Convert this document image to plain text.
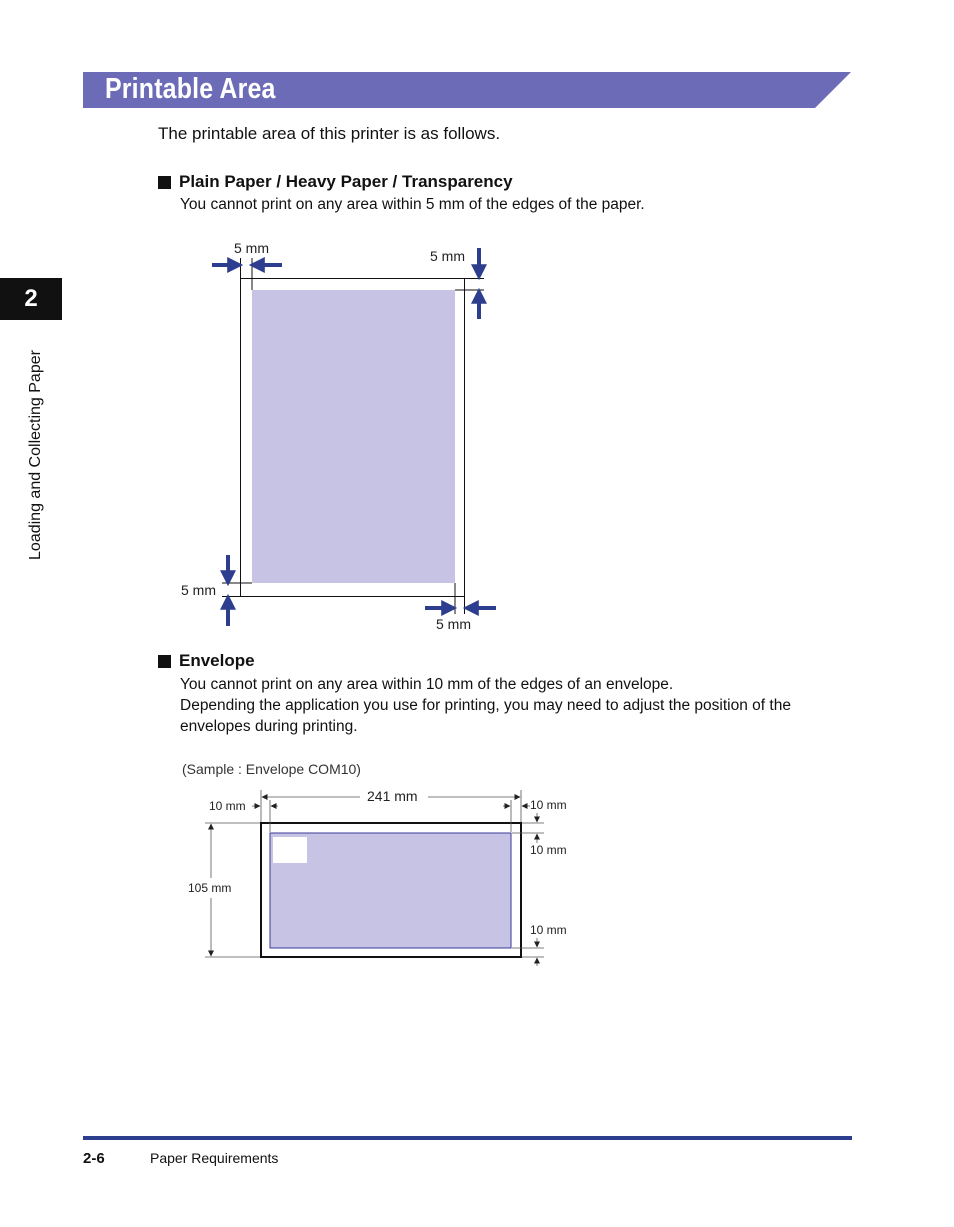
Printable Area
The printable area of this printer is as follows.
Plain Paper / Heavy Paper / Transparency
You cannot print on any area within 5 mm of the edges of the paper.
5 mm	5 mm
5 mm
5 mm
Envelope
You cannot print on any area within 10 mm of the edges of an envelope.
Depending the application you use for printing, you may need to adjust the position of the envelopes during printing.
(Sample : Envelope COM10)
241 mm
10 mm	10 mm
10 mm
10 mm
105 mm
2
Loading and Collecting Paper
2-6	Paper Requirements
